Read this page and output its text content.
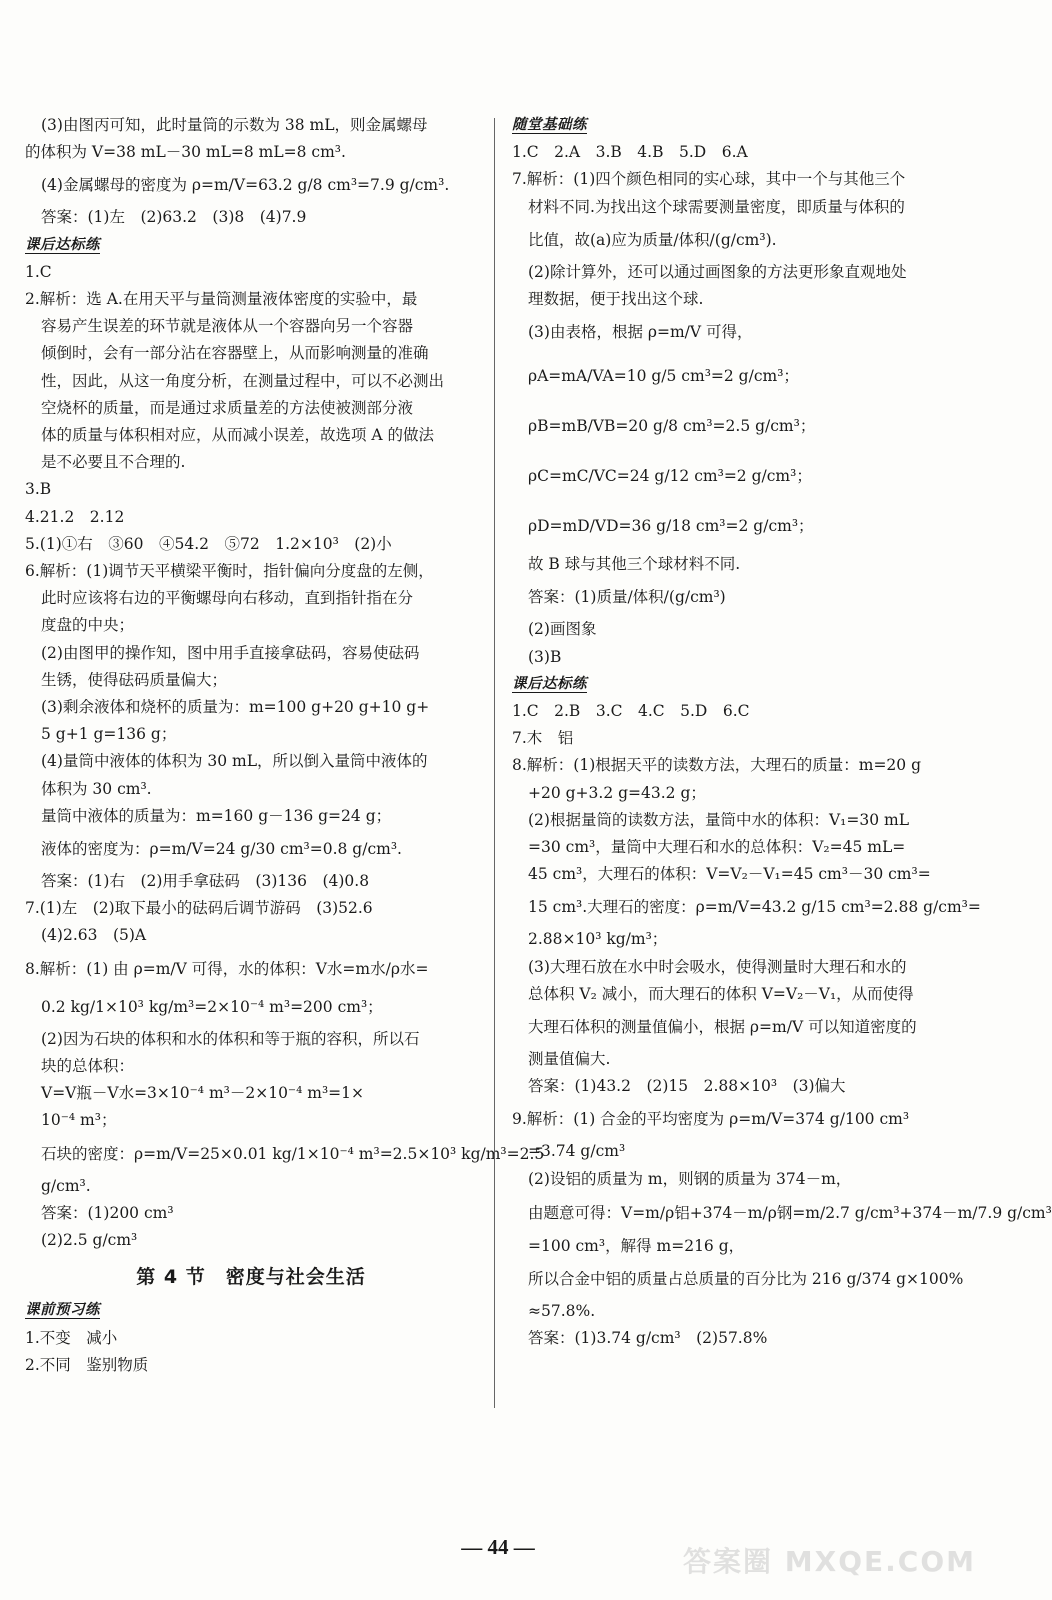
(3)由图丙可知，此时量筒的示数为 38 mL，则金属螺母
的体积为 V=38 mL－30 mL=8 mL=8 cm³.
(4)金属螺母的密度为 ρ=m/V=63.2 g/8 cm³=7.9 g/cm³.
答案：(1)左　(2)63.2　(3)8　(4)7.9
课后达标练
1.C
2.解析：选 A.在用天平与量筒测量液体密度的实验中，最
容易产生误差的环节就是液体从一个容器向另一个容器
倾倒时，会有一部分沾在容器壁上，从而影响测量的准确
性，因此，从这一角度分析，在测量过程中，可以不必测出
空烧杯的质量，而是通过求质量差的方法使被测部分液
体的质量与体积相对应，从而减小误差，故选项 A 的做法
是不必要且不合理的.
3.B
4.21.2　2.12
5.(1)①右　③60　④54.2　⑤72　1.2×10³　(2)小
6.解析：(1)调节天平横梁平衡时，指针偏向分度盘的左侧，
此时应该将右边的平衡螺母向右移动，直到指针指在分
度盘的中央；
(2)由图甲的操作知，图中用手直接拿砝码，容易使砝码
生锈，使得砝码质量偏大；
(3)剩余液体和烧杯的质量为：m=100 g+20 g+10 g+
5 g+1 g=136 g；
(4)量筒中液体的体积为 30 mL，所以倒入量筒中液体的
体积为 30 cm³.
量筒中液体的质量为：m=160 g－136 g=24 g；
液体的密度为：ρ=m/V=24 g/30 cm³=0.8 g/cm³.
答案：(1)右　(2)用手拿砝码　(3)136　(4)0.8
7.(1)左　(2)取下最小的砝码后调节游码　(3)52.6
(4)2.63　(5)A
8.解析：(1) 由 ρ=m/V 可得，水的体积：V水=m水/ρ水=
0.2 kg/1×10³ kg/m³=2×10⁻⁴ m³=200 cm³；
(2)因为石块的体积和水的体积和等于瓶的容积，所以石
块的总体积：
V=V瓶－V水=3×10⁻⁴ m³－2×10⁻⁴ m³=1×
10⁻⁴ m³；
石块的密度：ρ=m/V=25×0.01 kg/1×10⁻⁴ m³=2.5×10³ kg/m³=2.5
g/cm³.
答案：(1)200 cm³
(2)2.5 g/cm³
第 4 节　密度与社会生活
课前预习练
1.不变　减小
2.不同　鉴别物质
随堂基础练
1.C　2.A　3.B　4.B　5.D　6.A
7.解析：(1)四个颜色相同的实心球，其中一个与其他三个
材料不同.为找出这个球需要测量密度，即质量与体积的
比值，故(a)应为质量/体积/(g/cm³).
(2)除计算外，还可以通过画图象的方法更形象直观地处
理数据，便于找出这个球.
(3)由表格，根据 ρ=m/V 可得，
ρA=mA/VA=10 g/5 cm³=2 g/cm³；
ρB=mB/VB=20 g/8 cm³=2.5 g/cm³；
ρC=mC/VC=24 g/12 cm³=2 g/cm³；
ρD=mD/VD=36 g/18 cm³=2 g/cm³；
故 B 球与其他三个球材料不同.
答案：(1)质量/体积/(g/cm³)
(2)画图象
(3)B
课后达标练
1.C　2.B　3.C　4.C　5.D　6.C
7.木　铝
8.解析：(1)根据天平的读数方法，大理石的质量：m=20 g
+20 g+3.2 g=43.2 g；
(2)根据量筒的读数方法，量筒中水的体积：V₁=30 mL
=30 cm³，量筒中大理石和水的总体积：V₂=45 mL=
45 cm³，大理石的体积：V=V₂－V₁=45 cm³－30 cm³=
15 cm³.大理石的密度：ρ=m/V=43.2 g/15 cm³=2.88 g/cm³=
2.88×10³ kg/m³；
(3)大理石放在水中时会吸水，使得测量时大理石和水的
总体积 V₂ 减小，而大理石的体积 V=V₂－V₁，从而使得
大理石体积的测量值偏小，根据 ρ=m/V 可以知道密度的
测量值偏大.
答案：(1)43.2　(2)15　2.88×10³　(3)偏大
9.解析：(1) 合金的平均密度为 ρ=m/V=374 g/100 cm³
=3.74 g/cm³
(2)设铝的质量为 m，则钢的质量为 374－m，
由题意可得：V=m/ρ铝+374－m/ρ钢=m/2.7 g/cm³+374－m/7.9 g/cm³
=100 cm³，解得 m=216 g，
所以合金中铝的质量占总质量的百分比为 216 g/374 g×100%
≈57.8%.
答案：(1)3.74 g/cm³　(2)57.8%
— 44 —	答案圈 MXQE.COM
